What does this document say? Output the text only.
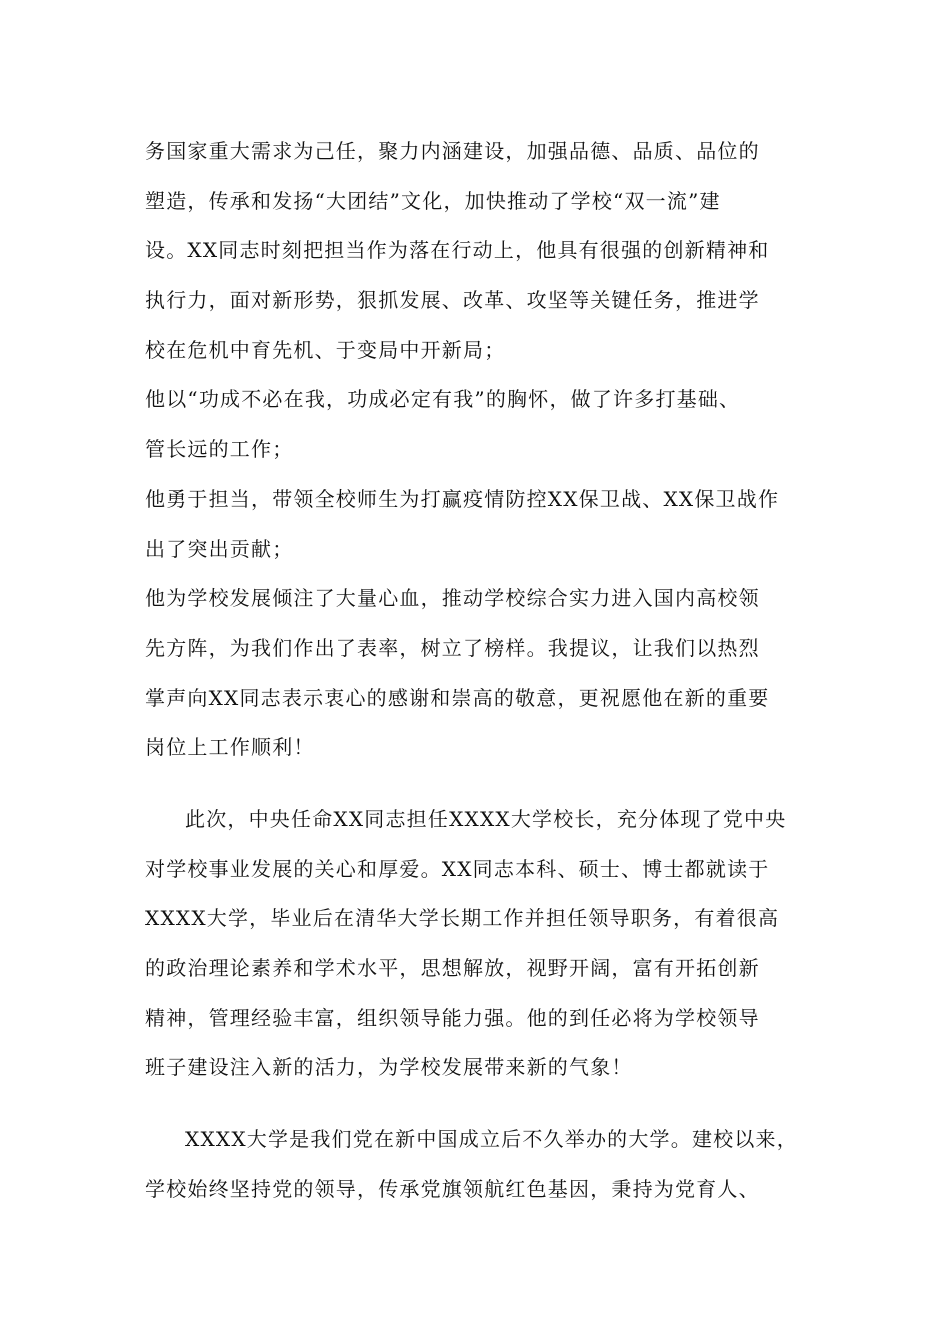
务国家重大需求为己任，聚力内涵建设，加强品德、品质、品位的
塑造，传承和发扬“大团结”文化，加快推动了学校“双一流”建
设。XX同志时刻把担当作为落在行动上，他具有很强的创新精神和
执行力，面对新形势，狠抓发展、改革、攻坚等关键任务，推进学
校在危机中育先机、于变局中开新局；
他以“功成不必在我，功成必定有我”的胸怀，做了许多打基础、
管长远的工作；
他勇于担当，带领全校师生为打赢疫情防控XX保卫战、XX保卫战作
出了突出贡献；
他为学校发展倾注了大量心血，推动学校综合实力进入国内高校领
先方阵，为我们作出了表率，树立了榜样。我提议，让我们以热烈
掌声向XX同志表示衷心的感谢和崇高的敬意，更祝愿他在新的重要
岗位上工作顺利！
此次，中央任命XX同志担任XXXX大学校长，充分体现了党中央
对学校事业发展的关心和厚爱。XX同志本科、硕士、博士都就读于
XXXX大学，毕业后在清华大学长期工作并担任领导职务，有着很高
的政治理论素养和学术水平，思想解放，视野开阔，富有开拓创新
精神，管理经验丰富，组织领导能力强。他的到任必将为学校领导
班子建设注入新的活力，为学校发展带来新的气象！
XXXX大学是我们党在新中国成立后不久举办的大学。建校以来，
学校始终坚持党的领导，传承党旗领航红色基因，秉持为党育人、
